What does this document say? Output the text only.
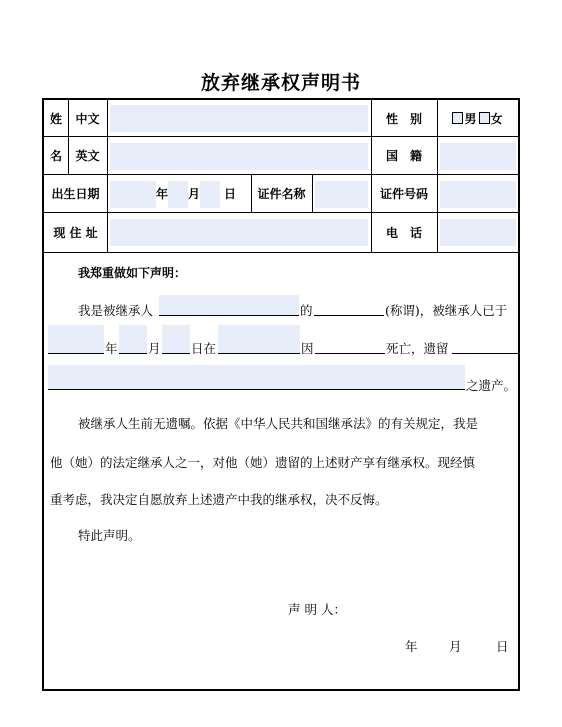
放弃继承权声明书
姓	中文	性　别	男 女
名	英文	国　籍
出生日期	年 月 日	证件名称	证件号码
现 住 址	电　话
我郑重做如下声明：
我是被继承人	的	(称谓)，被继承人已于
年 月 日在	因	死亡，遗留
之遗产。
被继承人生前无遗嘱。依据《中华人民共和国继承法》的有关规定，我是
他（她）的法定继承人之一，对他（她）遗留的上述财产享有继承权。现经慎
重考虑，我决定自愿放弃上述遗产中我的继承权，决不反悔。
特此声明。
声 明 人：
年	月	日
